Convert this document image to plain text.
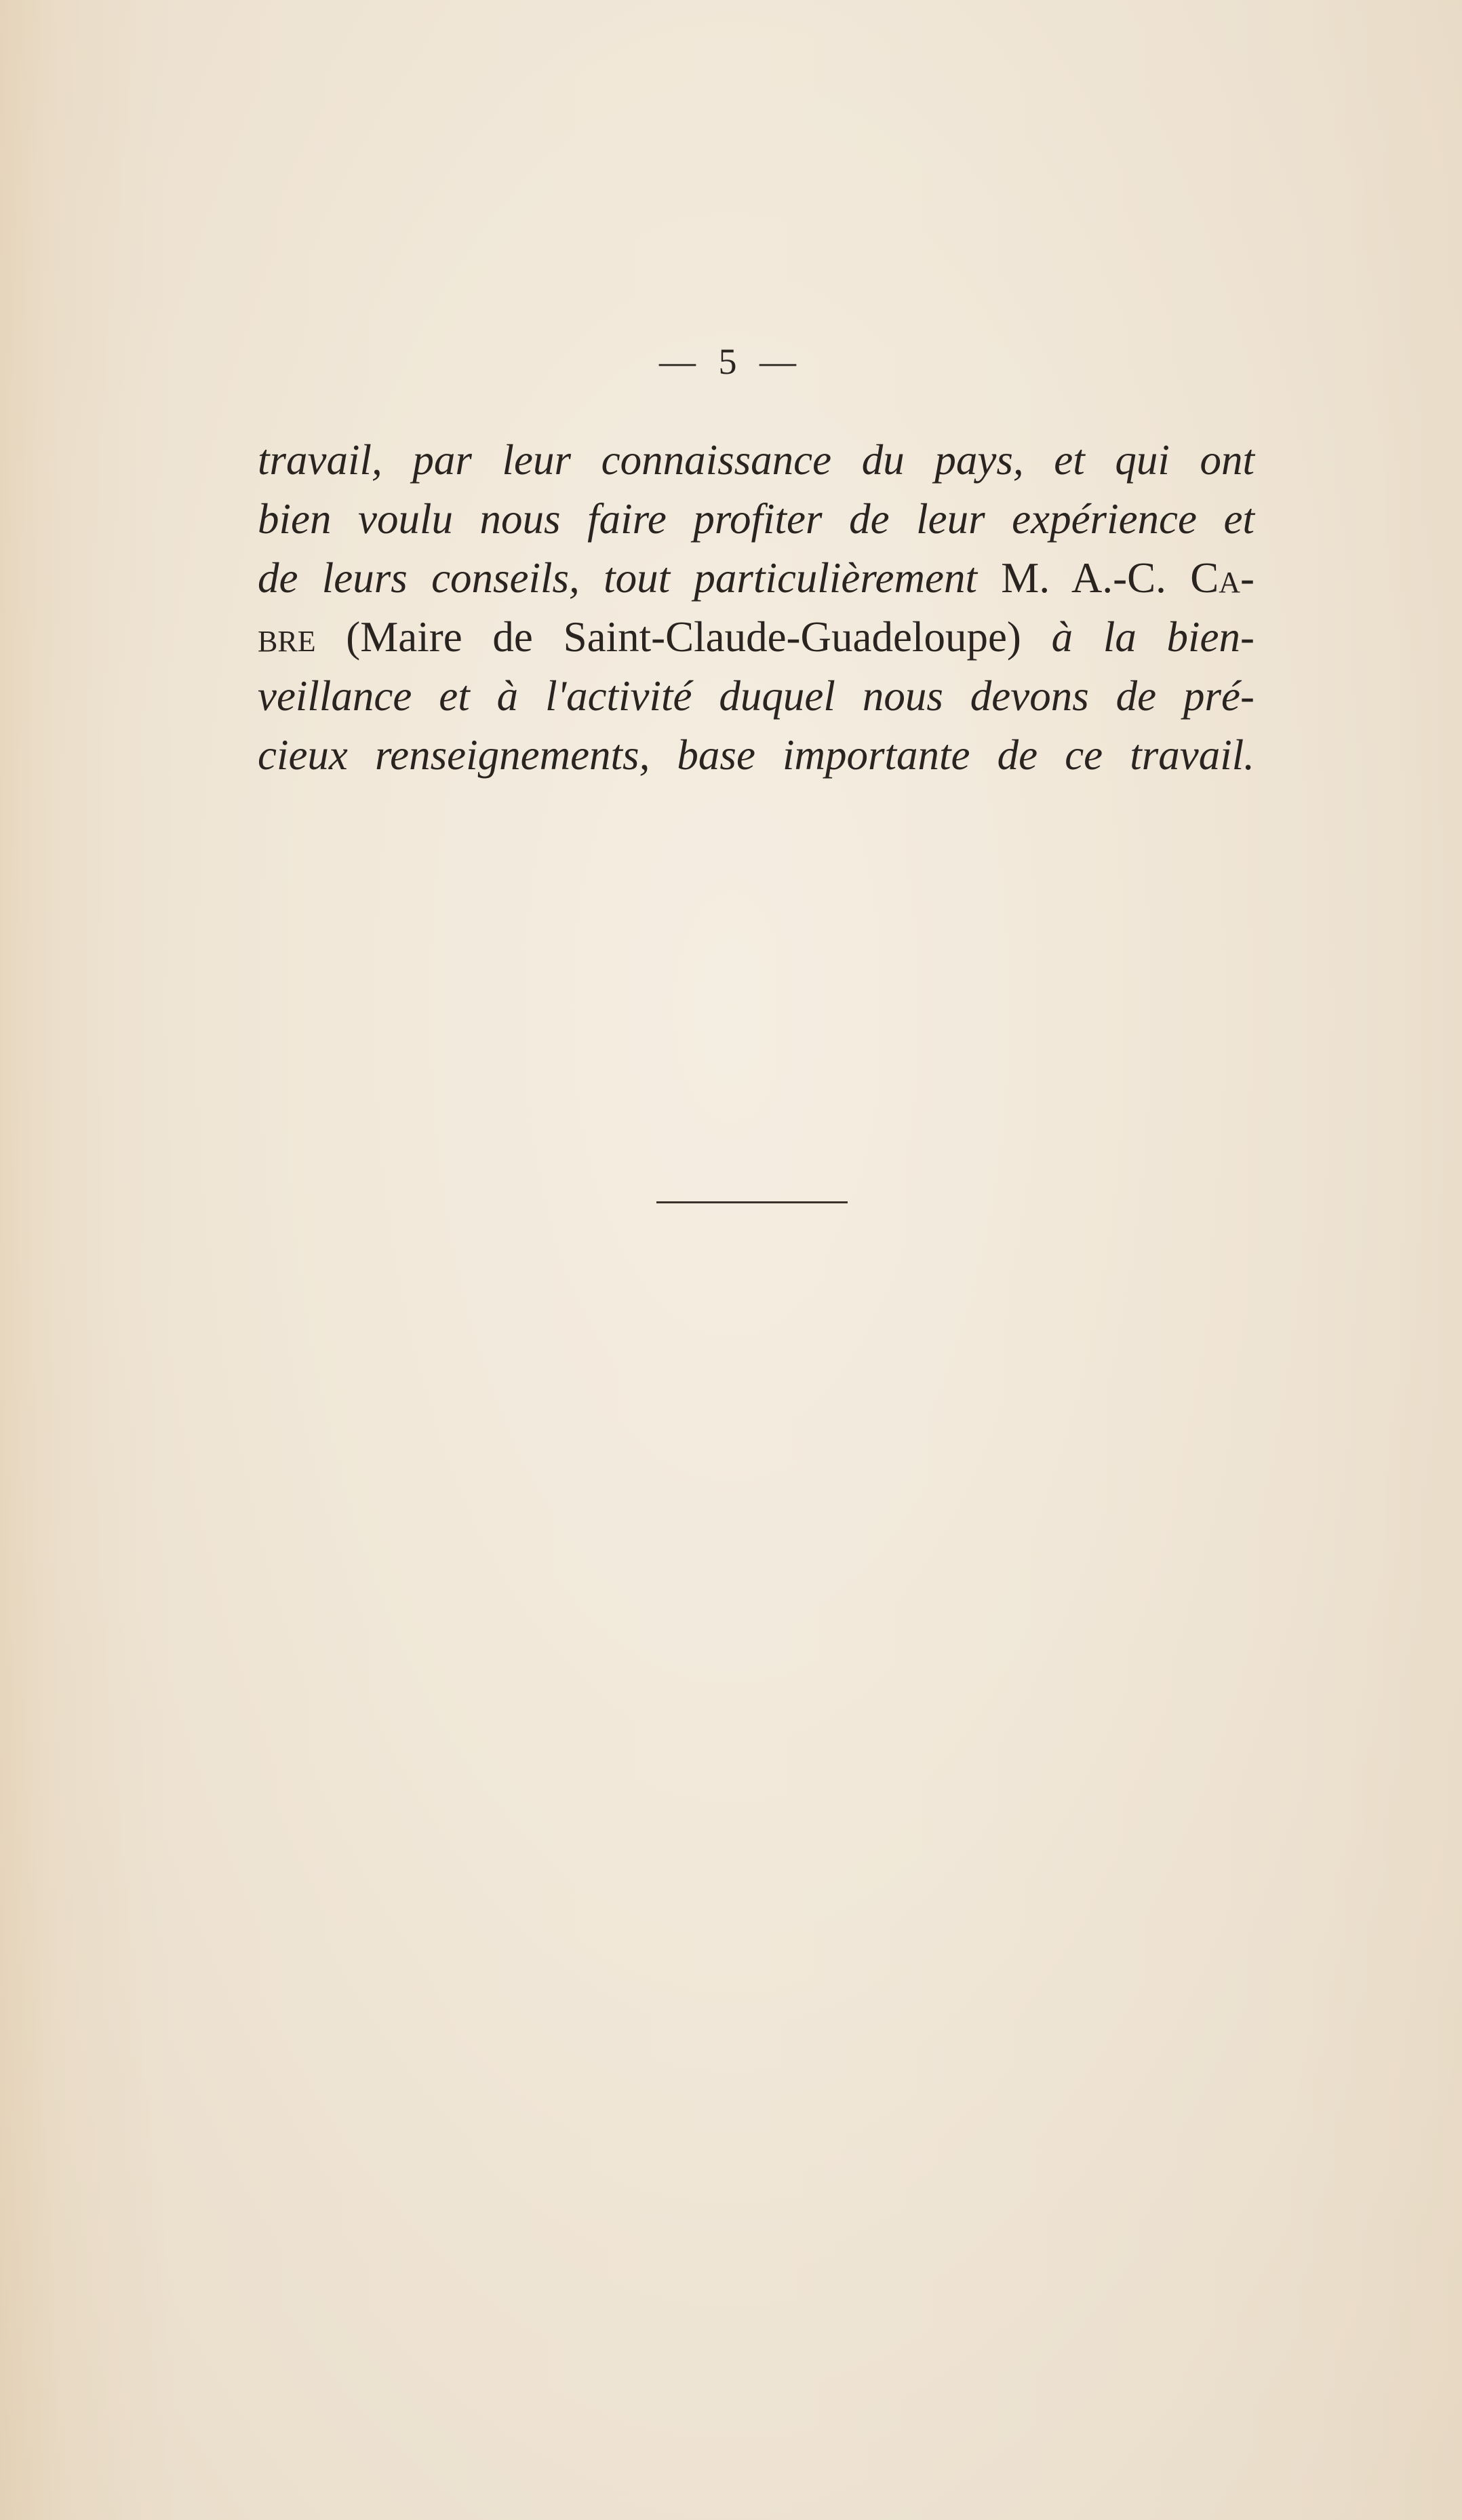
— 5 —
travail, par leur connaissance du pays, et qui ont
bien voulu nous faire profiter de leur expérience et
de leurs conseils, tout particulièrement M. A.-C. Ca-
bre (Maire de Saint-Claude-Guadeloupe) à la bien-
veillance et à l'activité duquel nous devons de pré-
cieux renseignements, base importante de ce travail.
